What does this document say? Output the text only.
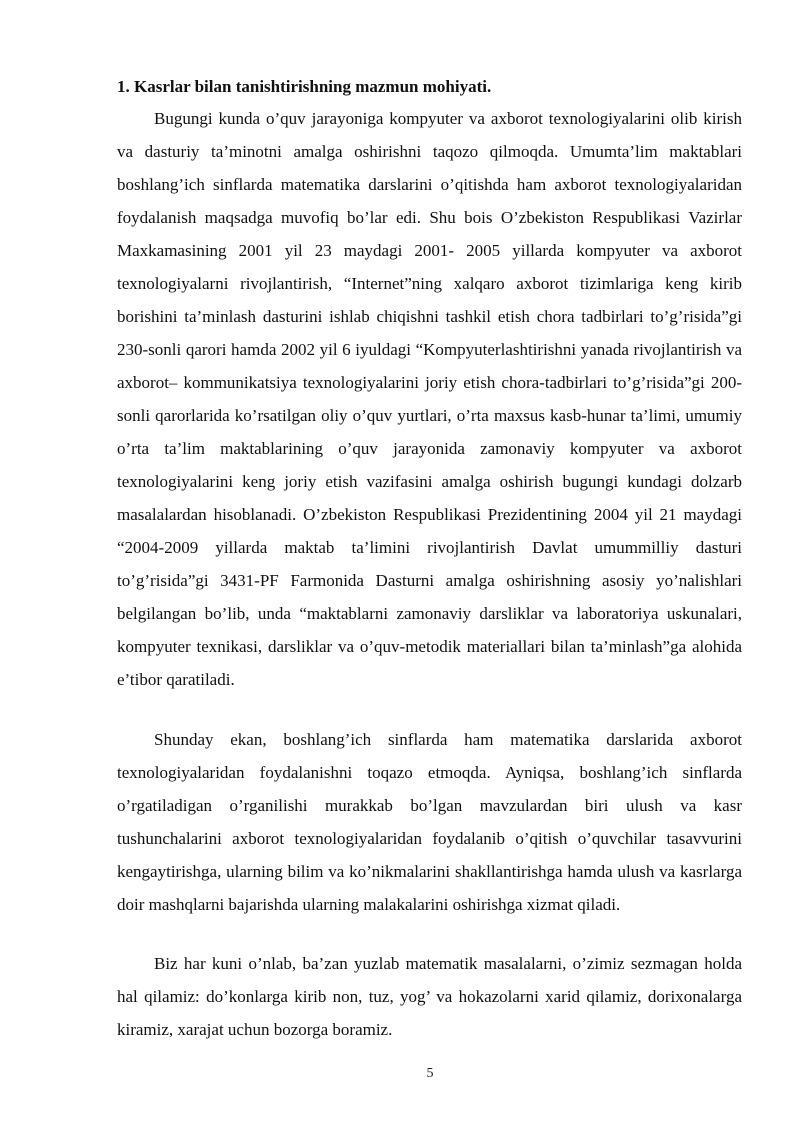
1. Kasrlar bilan tanishtirishning mazmun mohiyati.

Bugungi kunda o’quv jarayoniga kompyuter va axborot texnologiyalarini olib kirish va dasturiy ta’minotni amalga oshirishni taqozo qilmoqda. Umumta’lim maktablari boshlang’ich sinflarda matematika darslarini o’qitishda ham axborot texnologiyalaridan foydalanish maqsadga muvofiq bo’lar edi. Shu bois O’zbekiston Respublikasi Vazirlar Maxkamasining 2001 yil 23 maydagi 2001- 2005 yillarda kompyuter va axborot texnologiyalarni rivojlantirish, “Internet”ning xalqaro axborot tizimlariga keng kirib borishini ta’minlash dasturini ishlab chiqishni tashkil etish chora tadbirlari to’g’risida”gi 230-sonli qarori hamda 2002 yil 6 iyuldagi “Kompyuterlashtirishni yanada rivojlantirish va axborot– kommunikatsiya texnologiyalarini joriy etish chora-tadbirlari to’g’risida”gi 200- sonli qarorlarida ko’rsatilgan oliy o’quv yurtlari, o’rta maxsus kasb-hunar ta’limi, umumiy o’rta ta’lim maktablarining o’quv jarayonida zamonaviy kompyuter va axborot texnologiyalarini keng joriy etish vazifasini amalga oshirish bugungi kundagi dolzarb masalalardan hisoblanadi. O’zbekiston Respublikasi Prezidentining 2004 yil 21 maydagi “2004-2009 yillarda maktab ta’limini rivojlantirish Davlat umummilliy dasturi to’g’risida”gi 3431-PF Farmonida Dasturni amalga oshirishning asosiy yo’nalishlari belgilangan bo’lib, unda “maktablarni zamonaviy darsliklar va laboratoriya uskunalari, kompyuter texnikasi, darsliklar va o’quv-metodik materiallari bilan ta’minlash”ga alohida e’tibor qaratiladi.

Shunday ekan, boshlang’ich sinflarda ham matematika darslarida axborot texnologiyalaridan foydalanishni toqazo etmoqda. Ayniqsa, boshlang’ich sinflarda o’rgatiladigan o’rganilishi murakkab bo’lgan mavzulardan biri ulush va kasr tushunchalarini axborot texnologiyalaridan foydalanib o’qitish o’quvchilar tasavvurini kengaytirishga, ularning bilim va ko’nikmalarini shakllantirishga hamda ulush va kasrlarga doir mashqlarni bajarishda ularning malakalarini oshirishga xizmat qiladi.

Biz har kuni o’nlab, ba’zan yuzlab matematik masalalarni, o’zimiz sezmagan holda hal qilamiz: do’konlarga kirib non, tuz, yog’ va hokazolarni xarid qilamiz, dorixonalarga kiramiz, xarajat uchun bozorga boramiz.

5
